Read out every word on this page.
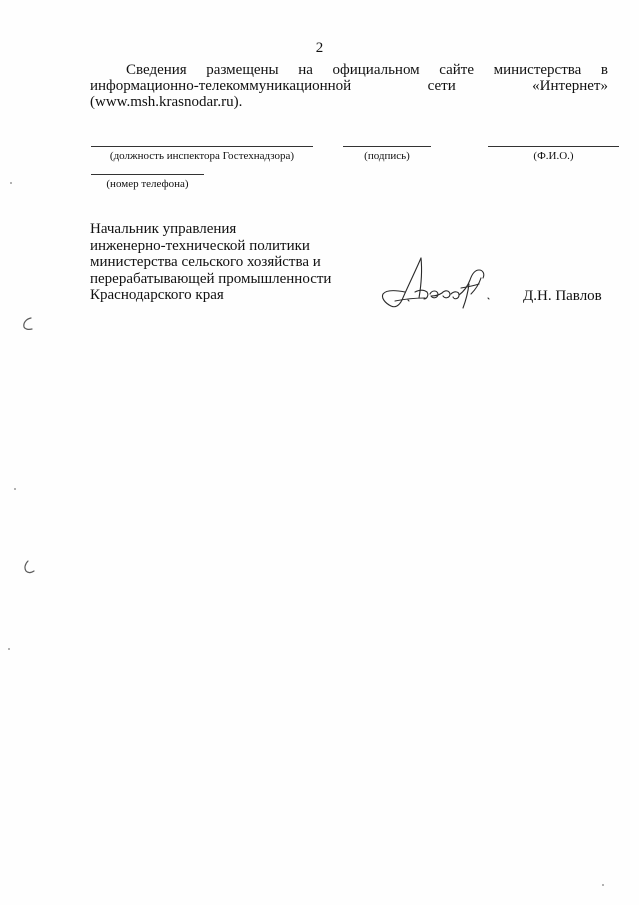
2
Сведения размещены на официальном сайте министерства в
информационно-телекоммуникационной	сети	«Интернет»
(www.msh.krasnodar.ru).
(должность инспектора Гостехнадзора)	(подпись)	(Ф.И.О.)
(номер телефона)
Начальник управления
инженерно-технической политики
министерства сельского хозяйства и
перерабатывающей промышленности
Краснодарского края	Д.Н. Павлов
